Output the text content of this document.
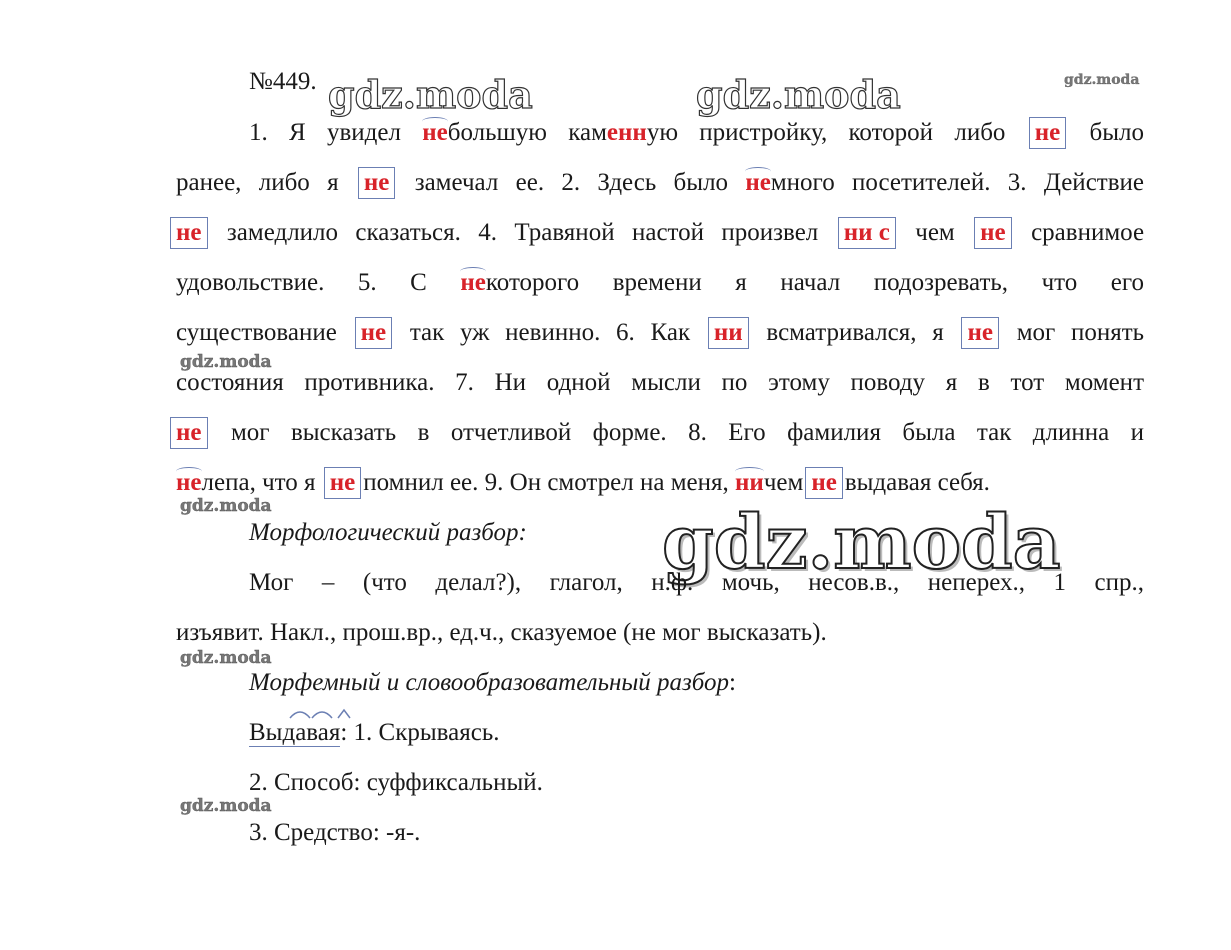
gdz.moda	gdz.moda	gdz.moda
gdz.moda
gdz.moda	gdz.moda
gdz.moda
gdz.moda
№449.
1. Я увидел небольшую каменную пристройку, которой либо не было
ранее, либо я не замечал ее. 2. Здесь было немного посетителей. 3. Действие
не замедлило сказаться. 4. Травяной настой произвел ни с чем не сравнимое
удовольствие. 5. С некоторого времени я начал подозревать, что его
существование не так уж невинно. 6. Как ни всматривался, я не мог понять
состояния противника. 7. Ни одной мысли по этому поводу я в тот момент
не мог высказать в отчетливой форме. 8. Его фамилия была так длинна и
нелепа, что я не помнил ее. 9. Он смотрел на меня, ничем не выдавая себя.
Морфологический разбор:
Мог – (что делал?), глагол, н.ф. мочь, несов.в., неперех., 1 спр.,
изъявит. Накл., прош.вр., ед.ч., сказуемое (не мог высказать).
Морфемный и словообразовательный разбор:
Выдавая: 1. Скрываясь.
2. Способ: суффиксальный.
3. Средство: -я-.
